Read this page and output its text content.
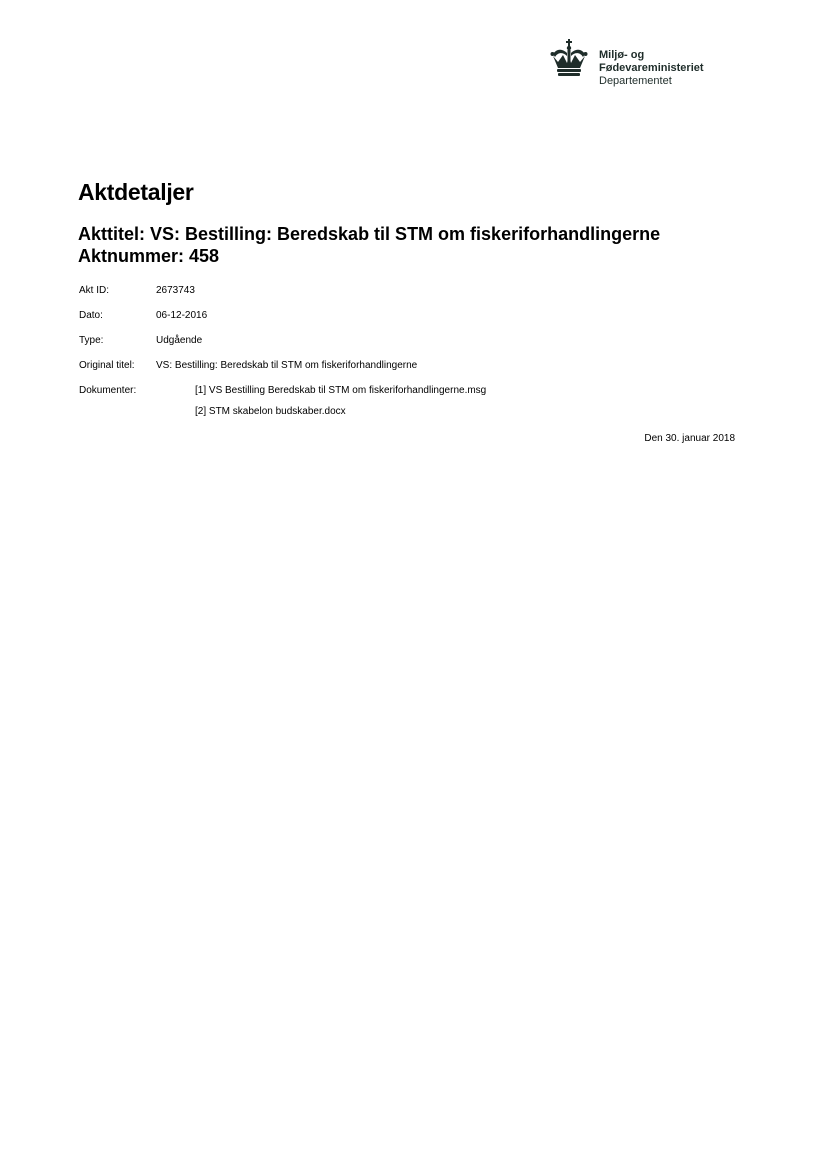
Miljø- og
Fødevareministeriet
Departementet
Aktdetaljer
Akttitel: VS: Bestilling: Beredskab til STM om fiskeriforhandlingerne
Aktnummer: 458
Akt ID:	2673743
Dato:	06-12-2016
Type:	Udgående
Original titel: VS: Bestilling: Beredskab til STM om fiskeriforhandlingerne
Dokumenter:	[1] VS Bestilling Beredskab til STM om fiskeriforhandlingerne.msg
[2] STM skabelon budskaber.docx
Den 30. januar 2018
